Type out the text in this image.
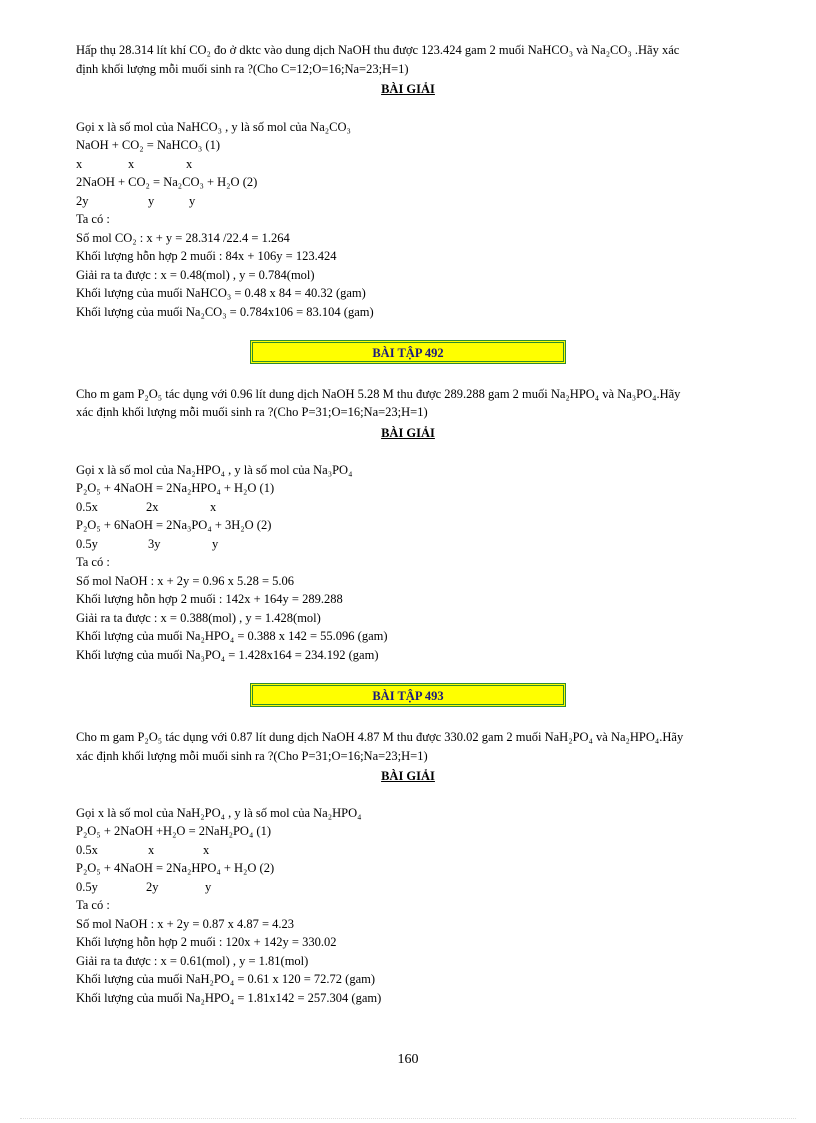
Hấp thụ 28.314 lít khí CO₂ đo ở dktc vào dung dịch NaOH thu được 123.424 gam 2 muối NaHCO₃ và Na₂CO₃ .Hãy xác
định khối lượng mỗi muối sinh ra ?(Cho C=12;O=16;Na=23;H=1)
BÀI GIẢI
Gọi x là số mol của NaHCO₃ , y là số mol của Na₂CO₃
NaOH + CO₂ = NaHCO₃ (1)
x	x	x
2NaOH + CO₂ = Na₂CO₃ + H₂O (2)
2y	y	y
Ta có :
Số mol CO₂ : x + y = 28.314 /22.4 = 1.264
Khối lượng hỗn hợp 2 muối : 84x + 106y = 123.424
Giải ra ta được : x = 0.48(mol) , y = 0.784(mol)
Khối lượng của muối NaHCO₃ = 0.48 x 84 = 40.32 (gam)
Khối lượng của muối Na₂CO₃ = 0.784x106 = 83.104 (gam)
BÀI TẬP 492
Cho m gam P₂O₅ tác dụng với 0.96 lít dung dịch NaOH 5.28 M thu được 289.288 gam 2 muối Na₂HPO₄ và Na₃PO₄.Hãy
xác định khối lượng mỗi muối sinh ra ?(Cho P=31;O=16;Na=23;H=1)
BÀI GIẢI
Gọi x là số mol của Na₂HPO₄ , y là số mol của Na₃PO₄
P₂O₅ + 4NaOH = 2Na₂HPO₄ + H₂O (1)
0.5x	2x	x
P₂O₅ + 6NaOH = 2Na₃PO₄ + 3H₂O (2)
0.5y	3y	y
Ta có :
Số mol NaOH : x + 2y = 0.96 x 5.28 = 5.06
Khối lượng hỗn hợp 2 muối : 142x + 164y = 289.288
Giải ra ta được : x = 0.388(mol) , y = 1.428(mol)
Khối lượng của muối Na₂HPO₄ = 0.388 x 142 = 55.096 (gam)
Khối lượng của muối Na₃PO₄ = 1.428x164 = 234.192 (gam)
BÀI TẬP 493
Cho m gam P₂O₅ tác dụng với 0.87 lít dung dịch NaOH 4.87 M thu được 330.02 gam 2 muối NaH₂PO₄ và Na₂HPO₄.Hãy
xác định khối lượng mỗi muối sinh ra ?(Cho P=31;O=16;Na=23;H=1)
BÀI GIẢI
Gọi x là số mol của NaH₂PO₄ , y là số mol của Na₂HPO₄
P₂O₅ + 2NaOH +H₂O = 2NaH₂PO₄ (1)
0.5x	x	x
P₂O₅ + 4NaOH = 2Na₂HPO₄ + H₂O (2)
0.5y	2y	y
Ta có :
Số mol NaOH : x + 2y = 0.87 x 4.87 = 4.23
Khối lượng hỗn hợp 2 muối : 120x + 142y = 330.02
Giải ra ta được : x = 0.61(mol) , y = 1.81(mol)
Khối lượng của muối NaH₂PO₄ = 0.61 x 120 = 72.72 (gam)
Khối lượng của muối Na₂HPO₄ = 1.81x142 = 257.304 (gam)
160
